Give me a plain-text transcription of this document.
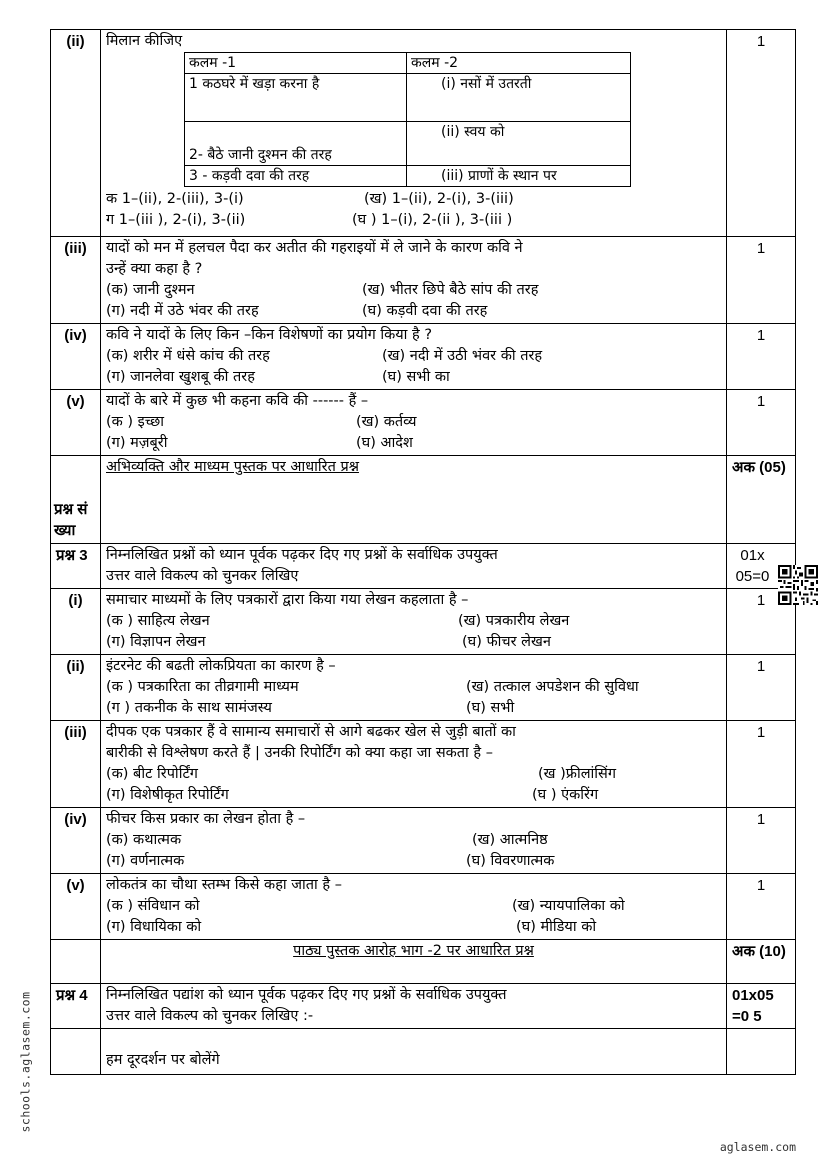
(ii)	मिलान कीजिए
कलम -1	कलम -2
1 कठघरे में खड़ा करना है	(i) नसों में उतरती
2- बैठे जानी दुश्मन की तरह	(ii) स्वय को
3 - कड़वी दवा की तरह	(iii) प्राणों के स्थान पर
क 1–(ii), 2-(iii), 3-(i)	(ख) 1–(ii), 2-(i), 3-(iii)
ग 1–(iii ), 2-(i), 3-(ii)	(घ ) 1–(i), 2-(ii ), 3-(iii )
	1
(iii)	यादों को मन में हलचल पैदा कर अतीत की गहराइयों में ले जाने के कारण कवि ने
उन्हें क्या कहा है ?
(क) जानी दुश्मन	(ख) भीतर छिपे बैठे सांप की तरह
(ग) नदी में उठे भंवर की तरह	(घ) कड़वी दवा की तरह
	1
(iv)	कवि ने यादों के लिए किन –किन विशेषणों का प्रयोग किया है ?
(क) शरीर में धंसे कांच की तरह	(ख) नदी में उठी भंवर की तरह
(ग) जानलेवा खुशबू की तरह	(घ) सभी का
	1
(v)	यादों के बारे में कुछ भी कहना कवि की ------ हैं –
(क ) इच्छा	(ख) कर्तव्य
(ग) मज़बूरी	(घ) आदेश
	1
प्रश्न सं ख्या	अभिव्यक्ति और माध्यम पुस्तक पर आधारित प्रश्न	अक (05)
प्रश्न 3	निम्नलिखित प्रश्नों को ध्यान पूर्वक पढ़कर दिए गए प्रश्नों के सर्वाधिक उपयुक्त
उत्तर वाले विकल्प को चुनकर लिखिए
	01x 05=0
(i)	समाचार माध्यमों के लिए पत्रकारों द्वारा किया गया लेखन कहलाता है –
(क ) साहित्य लेखन	(ख) पत्रकारीय लेखन
(ग) विज्ञापन लेखन	(घ) फीचर लेखन
	1
(ii)	इंटरनेट की बढती लोकप्रियता का कारण है –
(क ) पत्रकारिता का तीव्रगामी माध्यम	(ख) तत्काल अपडेशन की सुविधा
(ग ) तकनीक के साथ सामंजस्य	(घ) सभी
	1
(iii)	दीपक एक पत्रकार हैं वे सामान्य समाचारों से आगे बढकर खेल से जुड़ी बातों का
बारीकी से विश्लेषण करते हैं | उनकी रिपोर्टिंग को क्या कहा जा सकता है –
(क) बीट रिपोर्टिंग	(ख )फ्रीलांसिंग
(ग) विशेषीकृत रिपोर्टिंग	(घ ) एंकरिंग
	1
(iv)	फीचर किस प्रकार का लेखन होता है –
(क) कथात्मक	(ख) आत्मनिष्ठ
(ग) वर्णनात्मक	(घ) विवरणात्मक
	1
(v)	लोकतंत्र का चौथा स्तम्भ किसे कहा जाता है –
(क ) संविधान को	(ख) न्यायपालिका को
(ग) विधायिका को	(घ) मीडिया को
	1
	पाठ्य पुस्तक आरोह भाग -2 पर आधारित प्रश्न	अक (10)
प्रश्न 4	निम्नलिखित पद्यांश को ध्यान पूर्वक पढ़कर दिए गए प्रश्नों के सर्वाधिक उपयुक्त
उत्तर वाले विकल्प को चुनकर लिखिए :-
	01x05 =0 5
	हम दूरदर्शन पर बोलेंगे	
schools.aglasem.com
aglasem.com
